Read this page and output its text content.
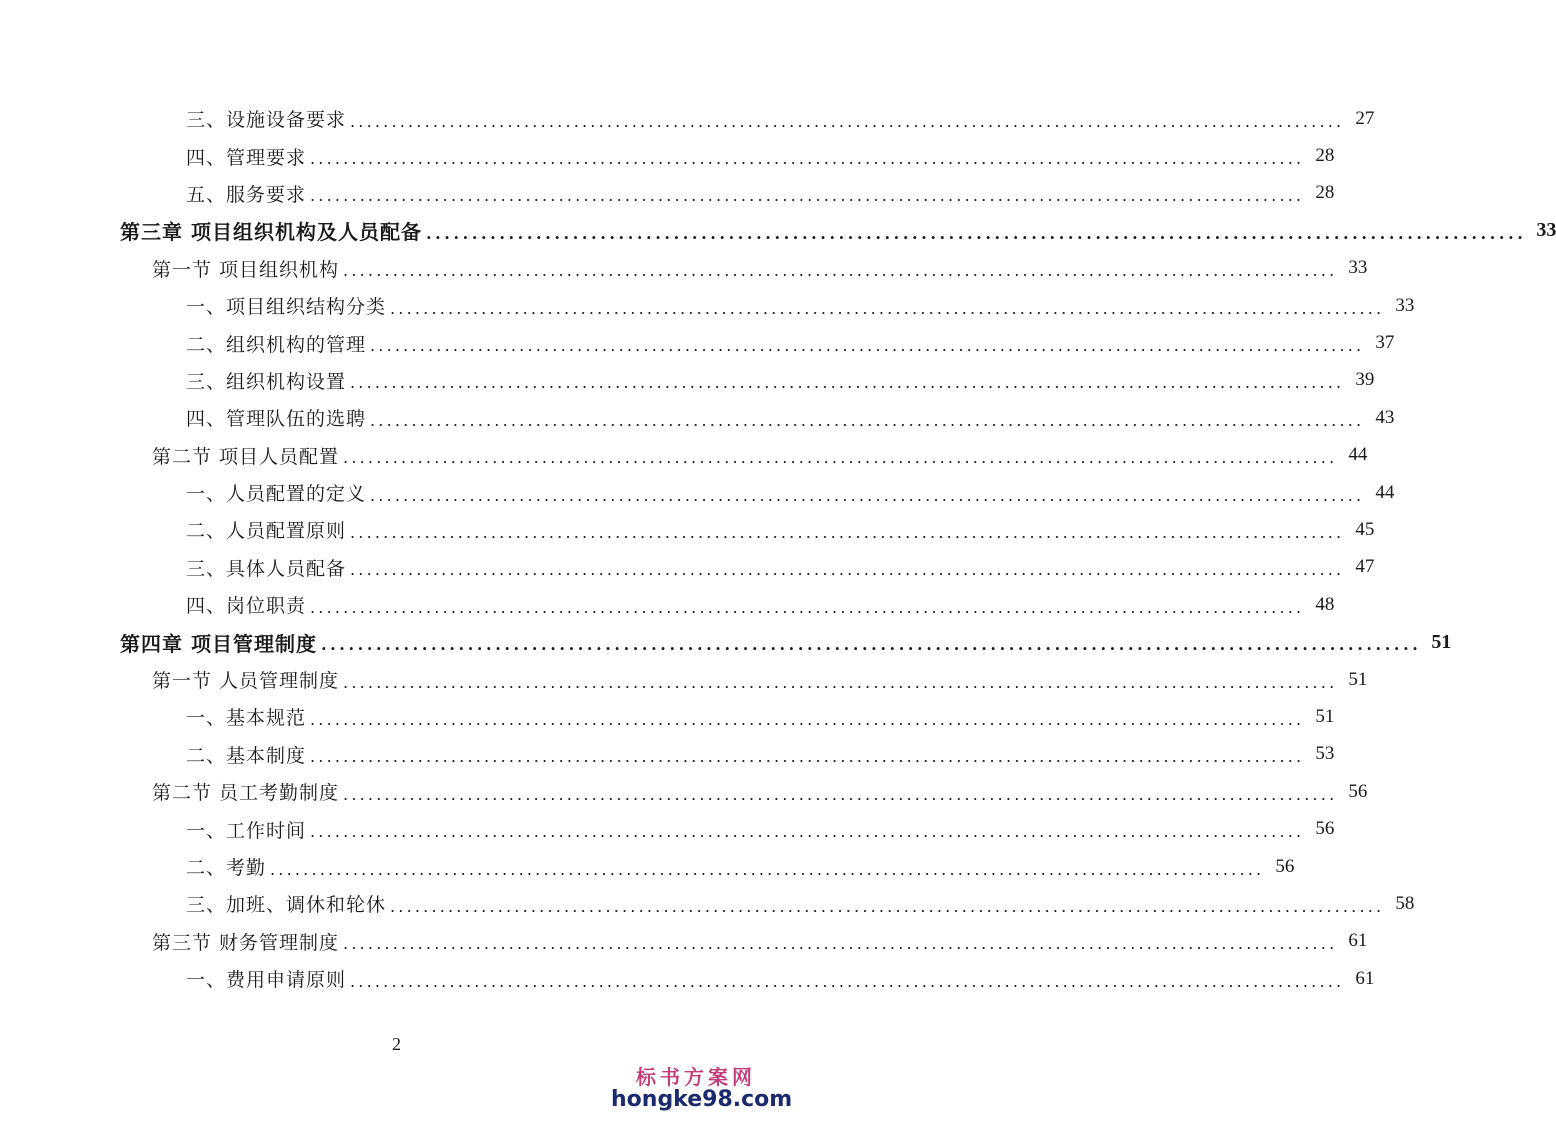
三、设施设备要求 ........................................................................................................................ 27
四、管理要求 ........................................................................................................................ 28
五、服务要求 ........................................................................................................................ 28
第三章 项目组织机构及人员配备 ........................................................................................................................ 33
第一节 项目组织机构 ........................................................................................................................ 33
一、项目组织结构分类 ........................................................................................................................ 33
二、组织机构的管理 ........................................................................................................................ 37
三、组织机构设置 ........................................................................................................................ 39
四、管理队伍的选聘 ........................................................................................................................ 43
第二节 项目人员配置 ........................................................................................................................ 44
一、人员配置的定义 ........................................................................................................................ 44
二、人员配置原则 ........................................................................................................................ 45
三、具体人员配备 ........................................................................................................................ 47
四、岗位职责 ........................................................................................................................ 48
第四章 项目管理制度 ........................................................................................................................ 51
第一节 人员管理制度 ........................................................................................................................ 51
一、基本规范 ........................................................................................................................ 51
二、基本制度 ........................................................................................................................ 53
第二节 员工考勤制度 ........................................................................................................................ 56
一、工作时间 ........................................................................................................................ 56
二、考勤 ........................................................................................................................ 56
三、加班、调休和轮休 ........................................................................................................................ 58
第三节 财务管理制度 ........................................................................................................................ 61
一、费用申请原则 ........................................................................................................................ 61
2
标书方案网
hongke98.com
